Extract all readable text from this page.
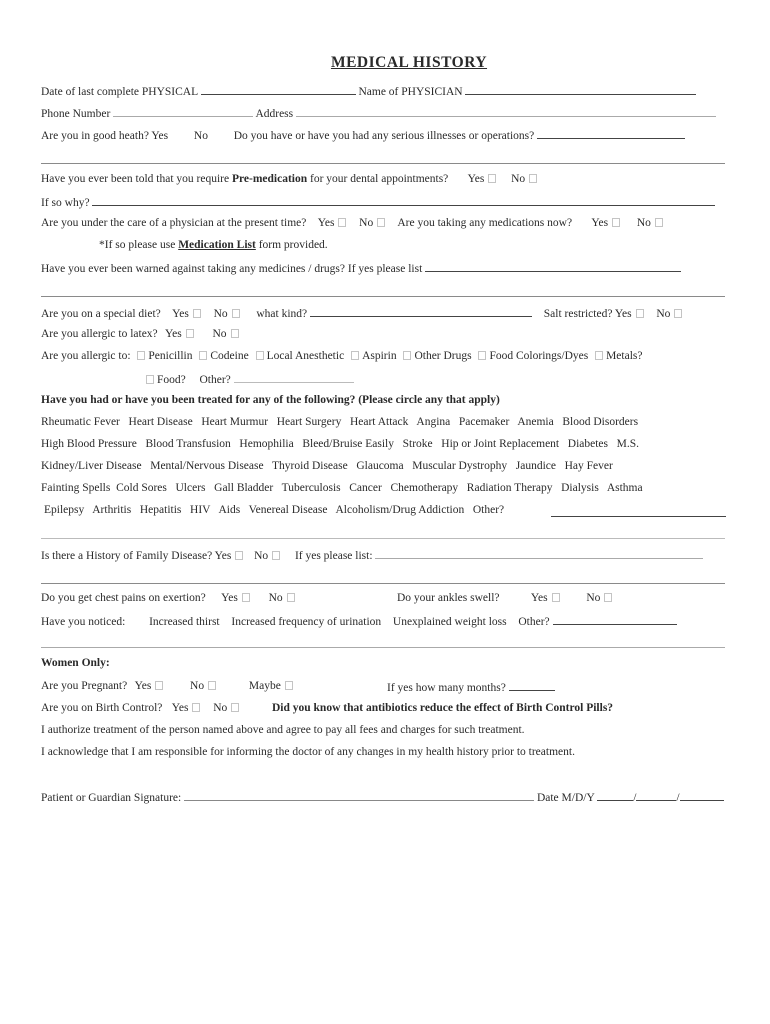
MEDICAL HISTORY
Date of last complete PHYSICAL	Name of PHYSICIAN
Phone Number	Address
Are you in good heath? Yes No Do you have or have you had any serious illnesses or operations?
Have you ever been told that you require Pre-medication for your dental appointments? Yes No
If so why?
Are you under the care of a physician at the present time? Yes No Are you taking any medications now? Yes	No
*If so please use Medication List form provided.
Have you ever been warned against taking any medicines / drugs? If yes please list
Are you on a special diet? Yes No	what kind?	Salt restricted? Yes No
Are you allergic to latex? Yes	No
Are you allergic to: Penicillin Codeine Local Anesthetic Aspirin Other Drugs Food Colorings/Dyes Metals?
Food? Other?
Have you had or have you been treated for any of the following? (Please circle any that apply)
Rheumatic Fever Heart Disease Heart Murmur Heart Surgery Heart Attack Angina Pacemaker Anemia Blood Disorders
High Blood Pressure Blood Transfusion Hemophilia Bleed/Bruise Easily Stroke Hip or Joint Replacement Diabetes M.S.
Kidney/Liver Disease Mental/Nervous Disease Thyroid Disease Glaucoma Muscular Dystrophy Jaundice Hay Fever
Fainting Spells Cold Sores Ulcers Gall Bladder Tuberculosis Cancer Chemotherapy Radiation Therapy Dialysis Asthma
Epilepsy Arthritis Hepatitis HIV Aids Venereal Disease Alcoholism/Drug Addiction Other?
Is there a History of Family Disease? Yes No If yes please list:
Do you get chest pains on exertion? Yes	No	Do your ankles swell?	Yes	No
Have you noticed: Increased thirst Increased frequency of urination Unexplained weight loss Other?
Women Only:
Are you Pregnant? Yes	No	Maybe	If yes how many months?
Are you on Birth Control? Yes No	Did you know that antibiotics reduce the effect of Birth Control Pills?
I authorize treatment of the person named above and agree to pay all fees and charges for such treatment.
I acknowledge that I am responsible for informing the doctor of any changes in my health history prior to treatment.
Patient or Guardian Signature:	Date M/D/Y	/	/
